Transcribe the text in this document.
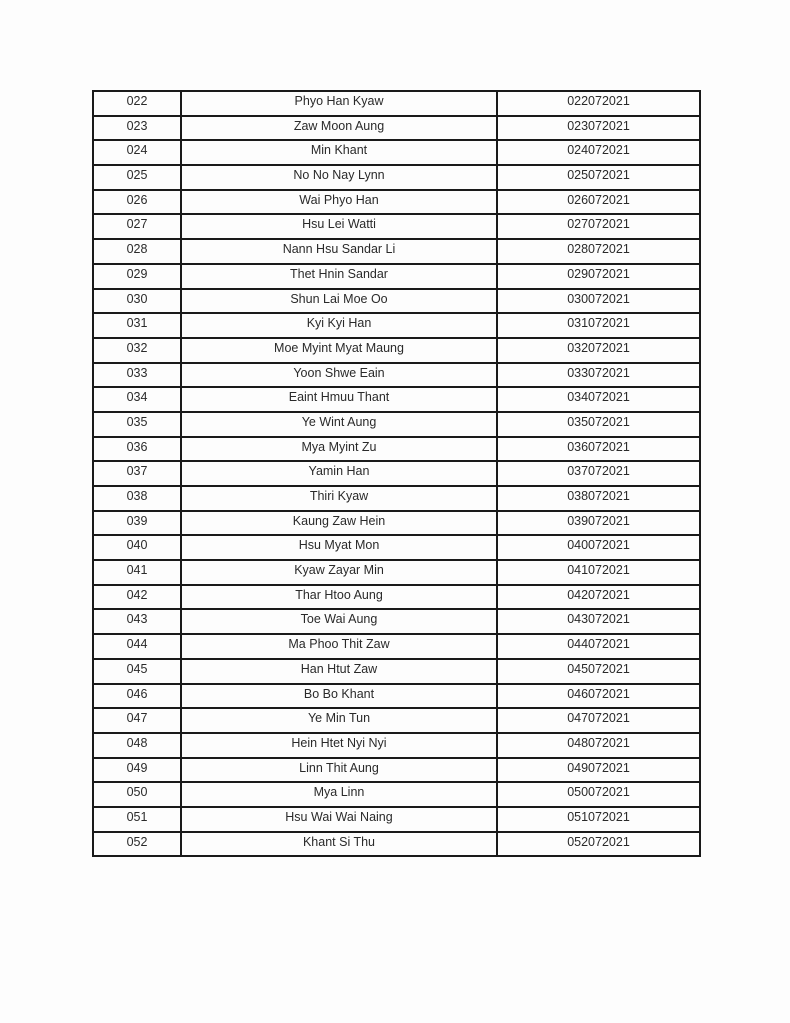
022	Phyo Han Kyaw	022072021
023	Zaw Moon Aung	023072021
024	Min Khant	024072021
025	No No Nay Lynn	025072021
026	Wai Phyo Han	026072021
027	Hsu Lei Watti	027072021
028	Nann Hsu Sandar Li	028072021
029	Thet Hnin Sandar	029072021
030	Shun Lai Moe Oo	030072021
031	Kyi Kyi Han	031072021
032	Moe Myint Myat Maung	032072021
033	Yoon Shwe Eain	033072021
034	Eaint Hmuu Thant	034072021
035	Ye Wint Aung	035072021
036	Mya Myint Zu	036072021
037	Yamin Han	037072021
038	Thiri Kyaw	038072021
039	Kaung Zaw Hein	039072021
040	Hsu Myat Mon	040072021
041	Kyaw Zayar Min	041072021
042	Thar Htoo Aung	042072021
043	Toe Wai Aung	043072021
044	Ma Phoo Thit Zaw	044072021
045	Han Htut Zaw	045072021
046	Bo Bo Khant	046072021
047	Ye Min Tun	047072021
048	Hein Htet Nyi Nyi	048072021
049	Linn Thit Aung	049072021
050	Mya Linn	050072021
051	Hsu Wai Wai Naing	051072021
052	Khant Si Thu	052072021
